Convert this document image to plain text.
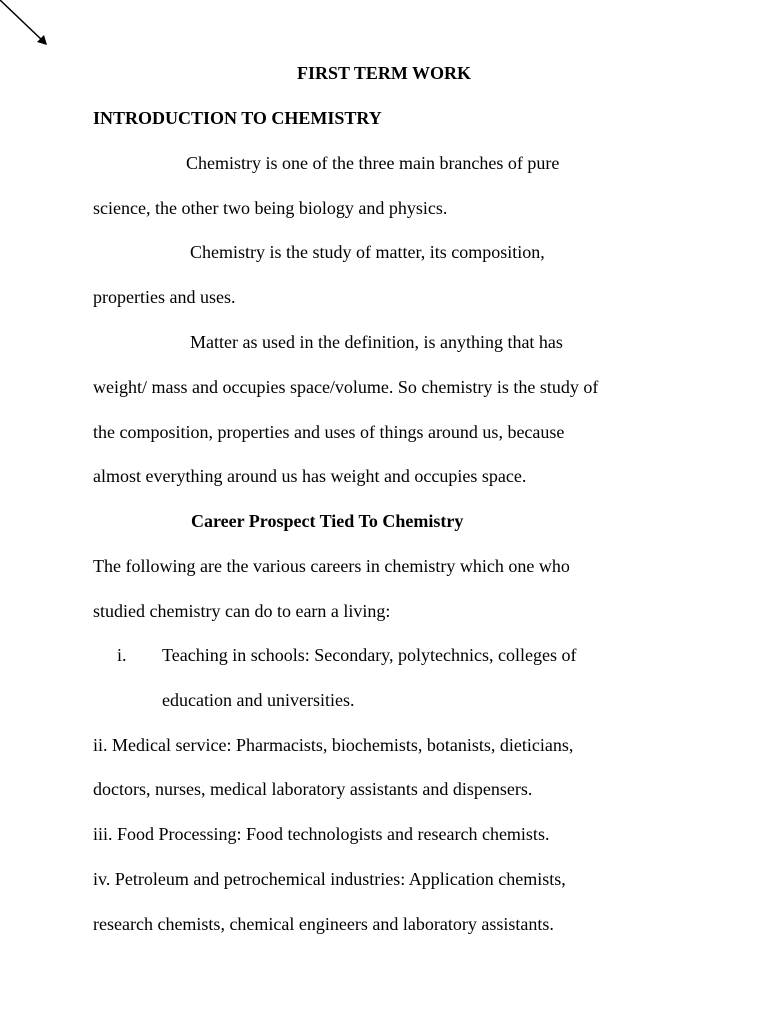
FIRST TERM WORK
INTRODUCTION TO CHEMISTRY
Chemistry is one of the three main branches of pure
science, the other two being biology and physics.
Chemistry is the study of matter, its composition,
properties and uses.
Matter as used in the definition, is anything that has
weight/ mass and occupies space/volume. So chemistry is the study of
the composition, properties and uses of things around us, because
almost everything around us has weight and occupies space.
Career Prospect Tied To Chemistry
The following are the various careers in chemistry which one who
studied chemistry can do to earn a living:
i. Teaching in schools: Secondary, polytechnics, colleges of
education and universities.
ii. Medical service: Pharmacists, biochemists, botanists, dieticians,
doctors, nurses, medical laboratory assistants and dispensers.
iii. Food Processing: Food technologists and research chemists.
iv. Petroleum and petrochemical industries: Application chemists,
research chemists, chemical engineers and laboratory assistants.
